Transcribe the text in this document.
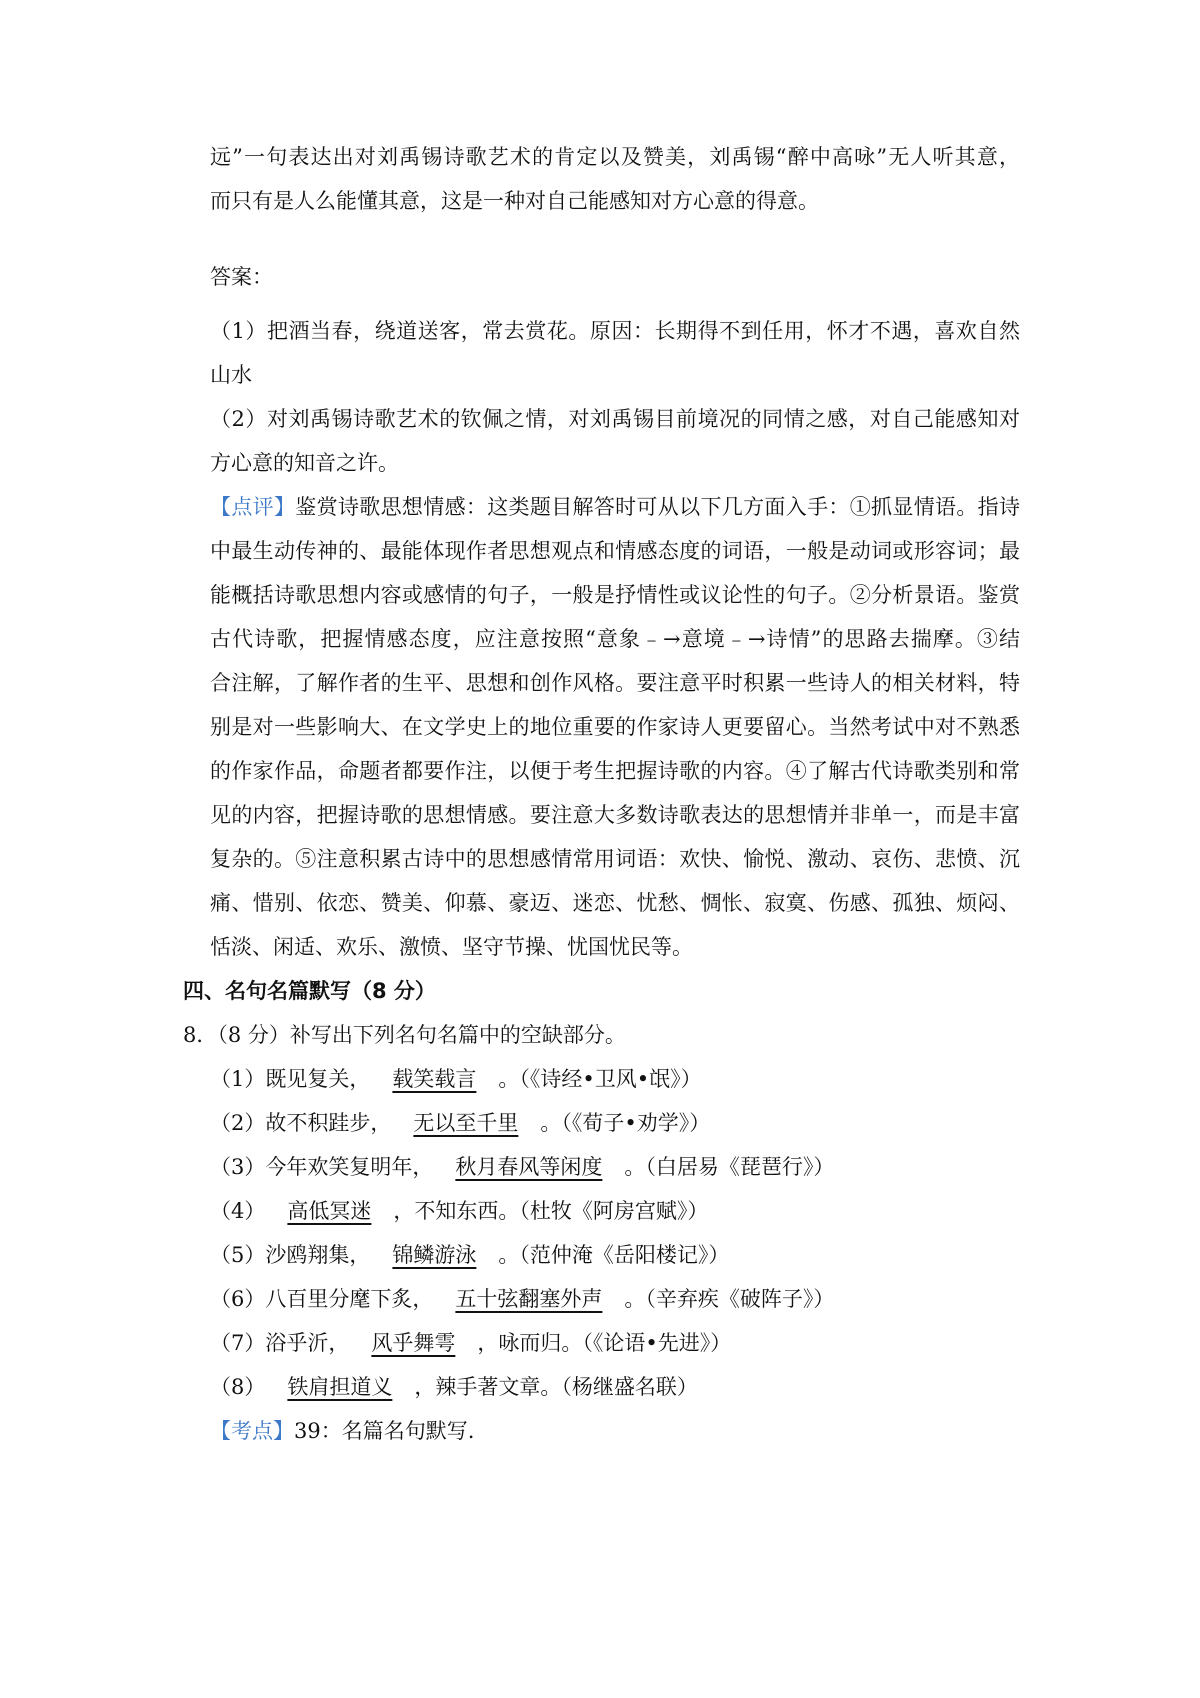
远”一句表达出对刘禹锡诗歌艺术的肯定以及赞美，刘禹锡“醉中高咏”无人听其意，
而只有是人么能懂其意，这是一种对自己能感知对方心意的得意。
答案：
（1）把酒当春，绕道送客，常去赏花。原因：长期得不到任用，怀才不遇，喜欢自然
山水
（2）对刘禹锡诗歌艺术的钦佩之情，对刘禹锡目前境况的同情之感，对自己能感知对
方心意的知音之许。
【点评】鉴赏诗歌思想情感：这类题目解答时可从以下几方面入手：①抓显情语。指诗
中最生动传神的、最能体现作者思想观点和情感态度的词语，一般是动词或形容词；最
能概括诗歌思想内容或感情的句子，一般是抒情性或议论性的句子。②分析景语。鉴赏
古代诗歌，把握情感态度，应注意按照“意象﹣→意境﹣→诗情”的思路去揣摩。③结
合注解，了解作者的生平、思想和创作风格。要注意平时积累一些诗人的相关材料，特
别是对一些影响大、在文学史上的地位重要的作家诗人更要留心。当然考试中对不熟悉
的作家作品，命题者都要作注，以便于考生把握诗歌的内容。④了解古代诗歌类别和常
见的内容，把握诗歌的思想情感。要注意大多数诗歌表达的思想情并非单一，而是丰富
复杂的。⑤注意积累古诗中的思想感情常用词语：欢快、愉悦、激动、哀伤、悲愤、沉
痛、惜别、依恋、赞美、仰慕、豪迈、迷恋、忧愁、惆怅、寂寞、伤感、孤独、烦闷、
恬淡、闲适、欢乐、激愤、坚守节操、忧国忧民等。
四、名句名篇默写（8 分）
8．（8 分）补写出下列名句名篇中的空缺部分。
（1）既见复关， 载笑载言 。（《诗经•卫风•氓》）
（2）故不积跬步， 无以至千里 。（《荀子•劝学》）
（3）今年欢笑复明年， 秋月春风等闲度 。（白居易《琵琶行》）
（4） 高低冥迷 ，不知东西。（杜牧《阿房宫赋》）
（5）沙鸥翔集， 锦鳞游泳 。（范仲淹《岳阳楼记》）
（6）八百里分麾下炙， 五十弦翻塞外声 。（辛弃疾《破阵子》）
（7）浴乎沂， 风乎舞雩 ，咏而归。（《论语•先进》）
（8） 铁肩担道义 ，辣手著文章。（杨继盛名联）
【考点】39：名篇名句默写.
